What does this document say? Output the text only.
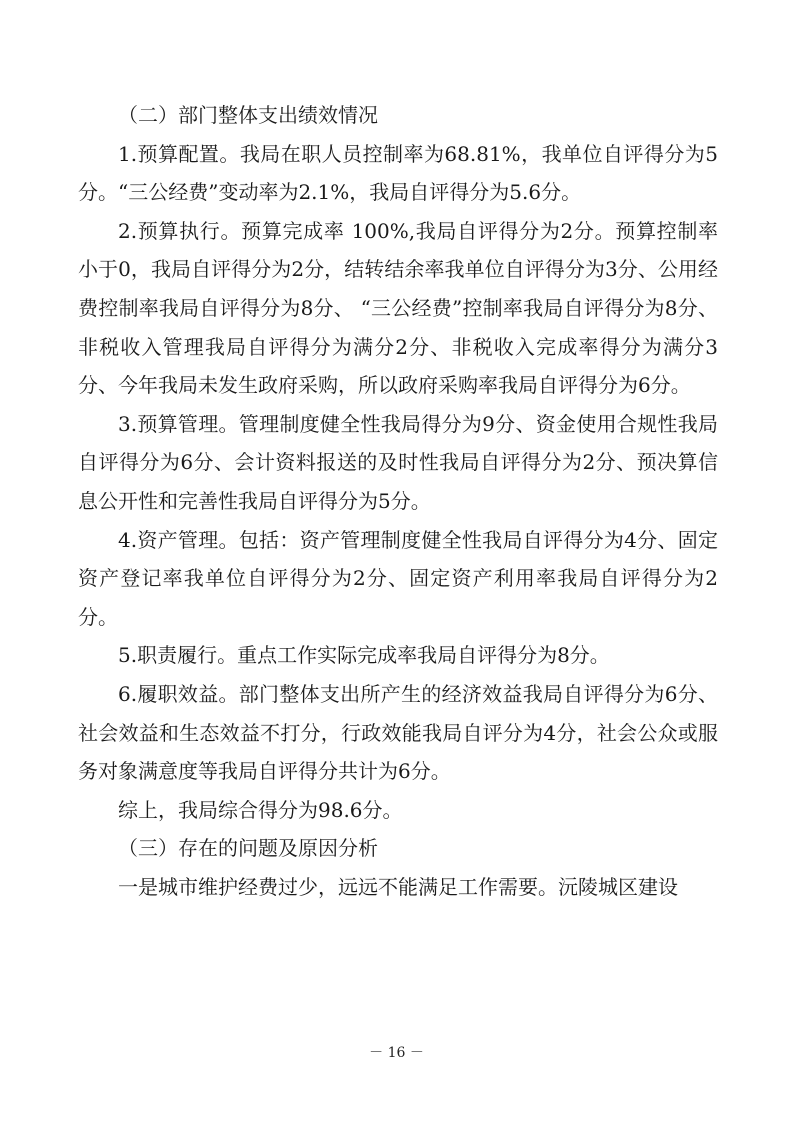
（二）部门整体支出绩效情况

1.预算配置。我局在职人员控制率为68.81%，我单位自评得分为5分。“三公经费”变动率为2.1%，我局自评得分为5.6分。

2.预算执行。预算完成率 100%,我局自评得分为2分。预算控制率小于0，我局自评得分为2分，结转结余率我单位自评得分为3分、公用经费控制率我局自评得分为8分、 “三公经费”控制率我局自评得分为8分、非税收入管理我局自评得分为满分2分、非税收入完成率得分为满分3分、今年我局未发生政府采购，所以政府采购率我局自评得分为6分。

3.预算管理。管理制度健全性我局得分为9分、资金使用合规性我局自评得分为6分、会计资料报送的及时性我局自评得分为2分、预决算信息公开性和完善性我局自评得分为5分。

4.资产管理。包括：资产管理制度健全性我局自评得分为4分、固定资产登记率我单位自评得分为2分、固定资产利用率我局自评得分为2分。

5.职责履行。重点工作实际完成率我局自评得分为8分。

6.履职效益。部门整体支出所产生的经济效益我局自评得分为6分、社会效益和生态效益不打分，行政效能我局自评分为4分，社会公众或服务对象满意度等我局自评得分共计为6分。

综上，我局综合得分为98.6分。

（三）存在的问题及原因分析

一是城市维护经费过少，远远不能满足工作需要。沅陵城区建设

－ 16 －
